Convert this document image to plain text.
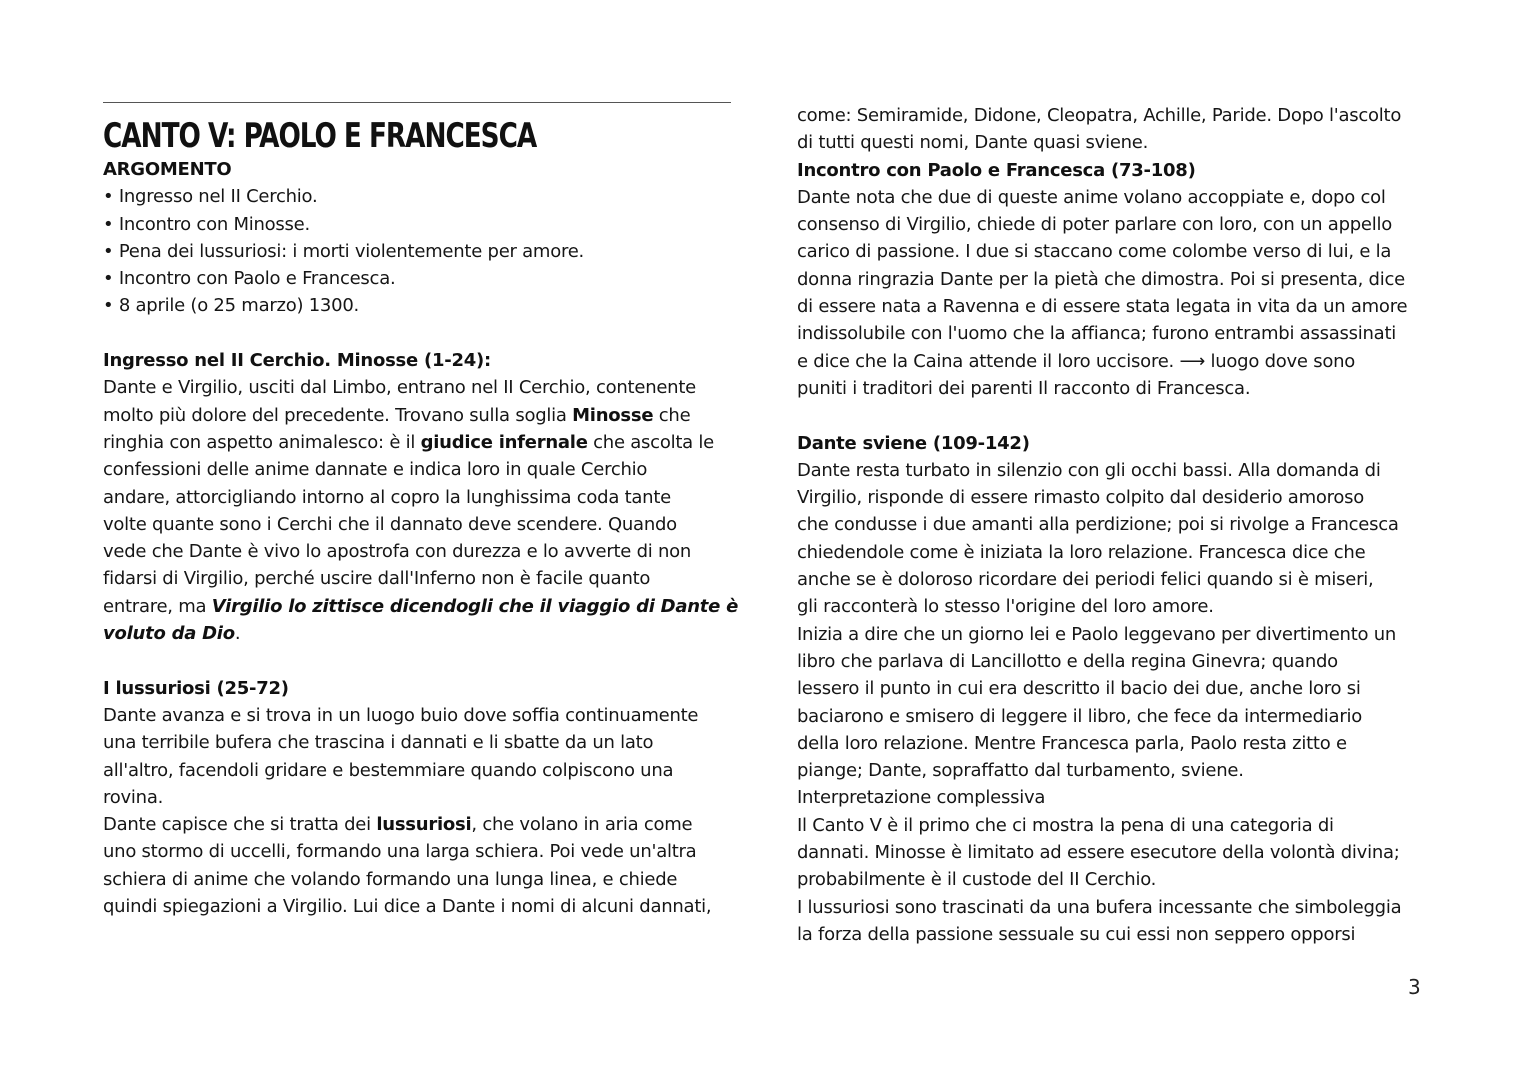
CANTO V: PAOLO E FRANCESCA
ARGOMENTO
• Ingresso nel II Cerchio.
• Incontro con Minosse.
• Pena dei lussuriosi: i morti violentemente per amore.
• Incontro con Paolo e Francesca.
• 8 aprile (o 25 marzo) 1300.
Ingresso nel II Cerchio. Minosse (1-24):
Dante e Virgilio, usciti dal Limbo, entrano nel II Cerchio, contenente
molto più dolore del precedente. Trovano sulla soglia Minosse che
ringhia con aspetto animalesco: è il giudice infernale che ascolta le
confessioni delle anime dannate e indica loro in quale Cerchio
andare, attorcigliando intorno al copro la lunghissima coda tante
volte quante sono i Cerchi che il dannato deve scendere. Quando
vede che Dante è vivo lo apostrofa con durezza e lo avverte di non
fidarsi di Virgilio, perché uscire dall'Inferno non è facile quanto
entrare, ma Virgilio lo zittisce dicendogli che il viaggio di Dante è
voluto da Dio.
I lussuriosi (25-72)
Dante avanza e si trova in un luogo buio dove soffia continuamente
una terribile bufera che trascina i dannati e li sbatte da un lato
all'altro, facendoli gridare e bestemmiare quando colpiscono una
rovina.
Dante capisce che si tratta dei lussuriosi, che volano in aria come
uno stormo di uccelli, formando una larga schiera. Poi vede un'altra
schiera di anime che volando formando una lunga linea, e chiede
quindi spiegazioni a Virgilio. Lui dice a Dante i nomi di alcuni dannati,
come: Semiramide, Didone, Cleopatra, Achille, Paride. Dopo l'ascolto
di tutti questi nomi, Dante quasi sviene.
Incontro con Paolo e Francesca (73-108)
Dante nota che due di queste anime volano accoppiate e, dopo col
consenso di Virgilio, chiede di poter parlare con loro, con un appello
carico di passione. I due si staccano come colombe verso di lui, e la
donna ringrazia Dante per la pietà che dimostra. Poi si presenta, dice
di essere nata a Ravenna e di essere stata legata in vita da un amore
indissolubile con l'uomo che la affianca; furono entrambi assassinati
e dice che la Caina attende il loro uccisore. ⟶ luogo dove sono
puniti i traditori dei parenti Il racconto di Francesca.
Dante sviene (109-142)
Dante resta turbato in silenzio con gli occhi bassi. Alla domanda di
Virgilio, risponde di essere rimasto colpito dal desiderio amoroso
che condusse i due amanti alla perdizione; poi si rivolge a Francesca
chiedendole come è iniziata la loro relazione. Francesca dice che
anche se è doloroso ricordare dei periodi felici quando si è miseri,
gli racconterà lo stesso l'origine del loro amore.
Inizia a dire che un giorno lei e Paolo leggevano per divertimento un
libro che parlava di Lancillotto e della regina Ginevra; quando
lessero il punto in cui era descritto il bacio dei due, anche loro si
baciarono e smisero di leggere il libro, che fece da intermediario
della loro relazione. Mentre Francesca parla, Paolo resta zitto e
piange; Dante, sopraffatto dal turbamento, sviene.
Interpretazione complessiva
Il Canto V è il primo che ci mostra la pena di una categoria di
dannati. Minosse è limitato ad essere esecutore della volontà divina;
probabilmente è il custode del II Cerchio.
I lussuriosi sono trascinati da una bufera incessante che simboleggia
la forza della passione sessuale su cui essi non seppero opporsi
3
